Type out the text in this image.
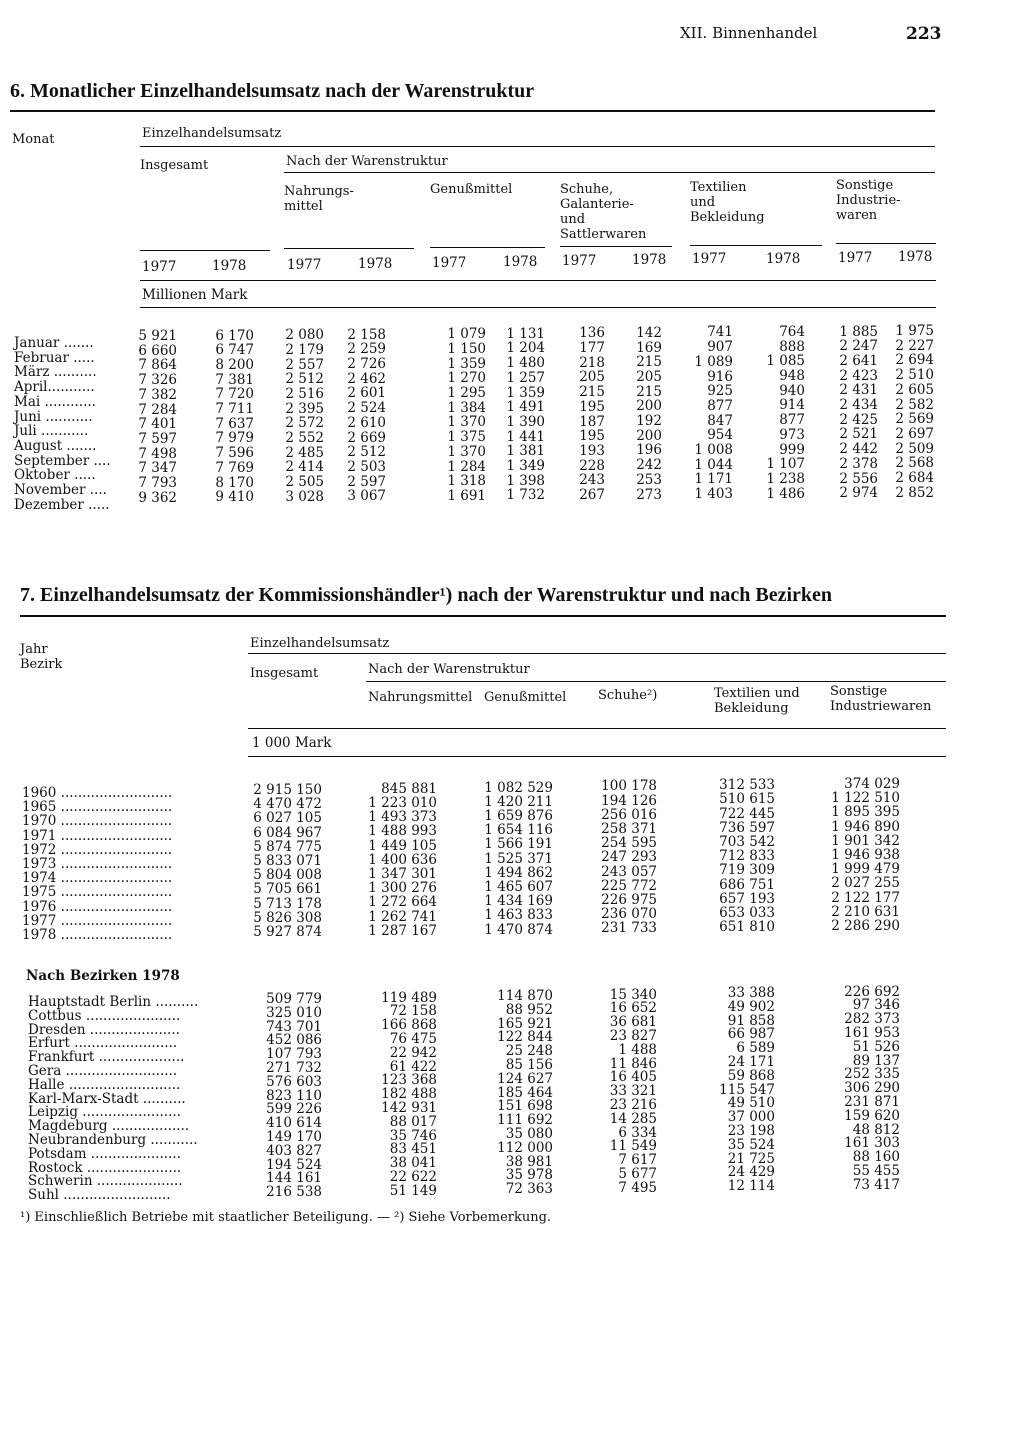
XII. Binnenhandel	223
6. Monatlicher Einzelhandelsumsatz nach der Warenstruktur
Monat	Einzelhandelsumsatz
Insgesamt	Nach der Warenstruktur
Nahrungs-
mittel
Genußmittel	Schuhe,
Galanterie-
und
Sattlerwaren
Textilien
und
Bekleidung
Sonstige
Industrie-
waren
1977	1978	1977	1978	1977	1978 1977	1978 1977	1978	1977 1978
Millionen Mark
Januar .......	5 921	6 170	2 080	2 158	1 079	1 131	136	142	741	764	1 885	1 975
Februar .....	6 660	6 747	2 179	2 259	1 150	1 204	177	169	907	888	2 247	2 227
März ..........	7 864	8 200	2 557	2 726	1 359	1 480	218	215	1 089	1 085	2 641	2 694
April...........	7 326	7 381	2 512	2 462	1 270	1 257	205	205	916	948	2 423	2 510
Mai ............	7 382	7 720	2 516	2 601	1 295	1 359	215	215	925	940	2 431	2 605
Juni ...........	7 284	7 711	2 395	2 524	1 384	1 491	195	200	877	914	2 434	2 582
Juli ...........	7 401	7 637	2 572	2 610	1 370	1 390	187	192	847	877	2 425	2 569
August .......	7 597	7 979	2 552	2 669	1 375	1 441	195	200	954	973	2 521	2 697
September ....	7 498	7 596	2 485	2 512	1 370	1 381	193	196	1 008	999	2 442	2 509
Oktober .....	7 347	7 769	2 414	2 503	1 284	1 349	228	242	1 044	1 107	2 378	2 568
November ....	7 793	8 170	2 505	2 597	1 318	1 398	243	253	1 171	1 238	2 556	2 684
Dezember .....	9 362	9 410	3 028	3 067	1 691	1 732	267	273	1 403	1 486	2 974	2 852
7. Einzelhandelsumsatz der Kommissionshändler¹) nach der Warenstruktur und nach Bezirken
Jahr
Bezirk
Einzelhandelsumsatz
Insgesamt	Nach der Warenstruktur
Nahrungsmittel Genußmittel Schuhe²)	Textilien und
Bekleidung
Sonstige
Industriewaren
1 000 Mark
1960 ..........................	2 915 150	845 881	1 082 529	100 178	312 533	374 029
1965 ..........................	4 470 472	1 223 010	1 420 211	194 126	510 615	1 122 510
1970 ..........................	6 027 105	1 493 373	1 659 876	256 016	722 445	1 895 395
1971 ..........................	6 084 967	1 488 993	1 654 116	258 371	736 597	1 946 890
1972 ..........................	5 874 775	1 449 105	1 566 191	254 595	703 542	1 901 342
1973 ..........................	5 833 071	1 400 636	1 525 371	247 293	712 833	1 946 938
1974 ..........................	5 804 008	1 347 301	1 494 862	243 057	719 309	1 999 479
1975 ..........................	5 705 661	1 300 276	1 465 607	225 772	686 751	2 027 255
1976 ..........................	5 713 178	1 272 664	1 434 169	226 975	657 193	2 122 177
1977 ..........................	5 826 308	1 262 741	1 463 833	236 070	653 033	2 210 631
1978 ..........................	5 927 874	1 287 167	1 470 874	231 733	651 810	2 286 290
Nach Bezirken 1978
Hauptstadt Berlin ..........	509 779	119 489	114 870	15 340	33 388	226 692
Cottbus ......................	325 010	72 158	88 952	16 652	49 902	97 346
Dresden .....................	743 701	166 868	165 921	36 681	91 858	282 373
Erfurt ........................	452 086	76 475	122 844	23 827	66 987	161 953
Frankfurt ....................	107 793	22 942	25 248	1 488	6 589	51 526
Gera ..........................	271 732	61 422	85 156	11 846	24 171	89 137
Halle ..........................	576 603	123 368	124 627	16 405	59 868	252 335
Karl-Marx-Stadt ..........	823 110	182 488	185 464	33 321	115 547	306 290
Leipzig .......................	599 226	142 931	151 698	23 216	49 510	231 871
Magdeburg ..................	410 614	88 017	111 692	14 285	37 000	159 620
Neubrandenburg ...........	149 170	35 746	35 080	6 334	23 198	48 812
Potsdam .....................	403 827	83 451	112 000	11 549	35 524	161 303
Rostock ......................	194 524	38 041	38 981	7 617	21 725	88 160
Schwerin ....................	144 161	22 622	35 978	5 677	24 429	55 455
Suhl .........................	216 538	51 149	72 363	7 495	12 114	73 417
¹) Einschließlich Betriebe mit staatlicher Beteiligung. — ²) Siehe Vorbemerkung.
